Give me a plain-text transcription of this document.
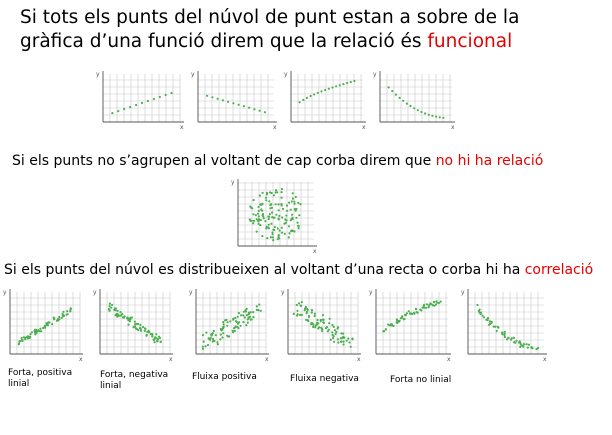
Si tots els punts del núvol de punt estan a sobre de la
gràfica d’una funció direm que la relació és funcional
y
x
y
x
y
x
y
x
Si els punts no s’agrupen al voltant de cap corba direm que no hi ha relació
y
x
Si els punts del núvol es distribueixen al voltant d’una recta o corba hi ha correlació
y
x
y
x
y
x
y
x
y
x
y
x
Forta, positiva linial
Forta, negativa linial
Fluixa positiva	Fluixa negativa	Forta no linial
